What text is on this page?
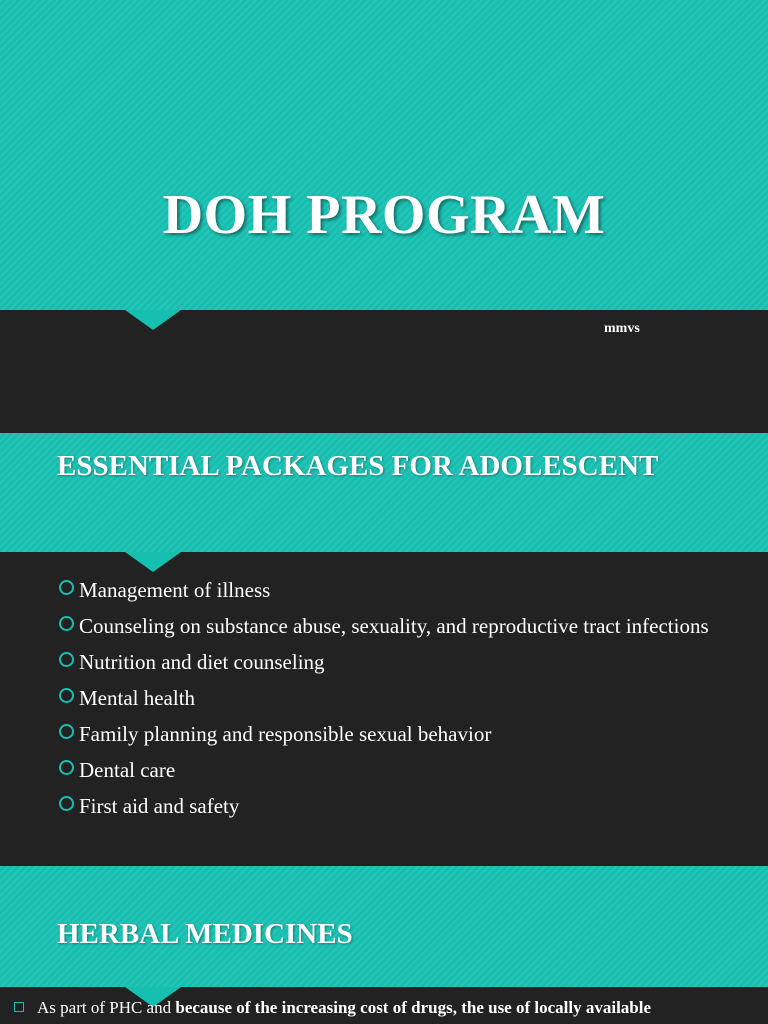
DOH PROGRAM
mmvs
ESSENTIAL PACKAGES FOR ADOLESCENT
Management of illness
Counseling on substance abuse, sexuality, and reproductive tract infections
Nutrition and diet counseling
Mental health
Family planning and responsible sexual behavior
Dental care
First aid and safety
HERBAL MEDICINES
As part of PHC and because of the increasing cost of drugs, the use of locally available
